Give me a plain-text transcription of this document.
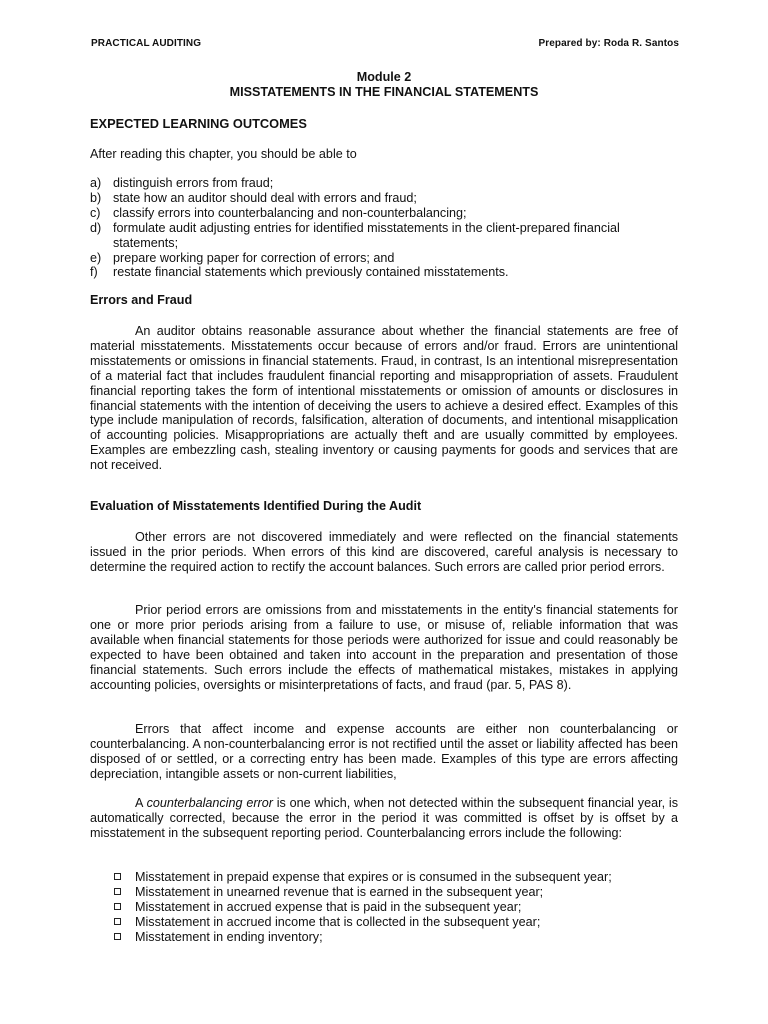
PRACTICAL AUDITING	Prepared by: Roda R. Santos
Module 2
MISSTATEMENTS IN THE FINANCIAL STATEMENTS
EXPECTED LEARNING OUTCOMES
After reading this chapter, you should be able to
a) distinguish errors from fraud;
b) state how an auditor should deal with errors and fraud;
c) classify errors into counterbalancing and non-counterbalancing;
d) formulate audit adjusting entries for identified misstatements in the client-prepared financial statements;
e) prepare working paper for correction of errors; and
f) restate financial statements which previously contained misstatements.
Errors and Fraud
An auditor obtains reasonable assurance about whether the financial statements are free of material misstatements. Misstatements occur because of errors and/or fraud. Errors are unintentional misstatements or omissions in financial statements. Fraud, in contrast, Is an intentional misrepresentation of a material fact that includes fraudulent financial reporting and misappropriation of assets. Fraudulent financial reporting takes the form of intentional misstatements or omission of amounts or disclosures in financial statements with the intention of deceiving the users to achieve a desired effect. Examples of this type include manipulation of records, falsification, alteration of documents, and intentional misapplication of accounting policies. Misappropriations are actually theft and are usually committed by employees. Examples are embezzling cash, stealing inventory or causing payments for goods and services that are not received.
Evaluation of Misstatements Identified During the Audit
Other errors are not discovered immediately and were reflected on the financial statements issued in the prior periods. When errors of this kind are discovered, careful analysis is necessary to determine the required action to rectify the account balances. Such errors are called prior period errors.
Prior period errors are omissions from and misstatements in the entity's financial statements for one or more prior periods arising from a failure to use, or misuse of, reliable information that was available when financial statements for those periods were authorized for issue and could reasonably be expected to have been obtained and taken into account in the preparation and presentation of those financial statements. Such errors include the effects of mathematical mistakes, mistakes in applying accounting policies, oversights or misinterpretations of facts, and fraud (par. 5, PAS 8).
Errors that affect income and expense accounts are either non counterbalancing or counterbalancing. A non-counterbalancing error is not rectified until the asset or liability affected has been disposed of or settled, or a correcting entry has been made. Examples of this type are errors affecting depreciation, intangible assets or non-current liabilities,
A counterbalancing error is one which, when not detected within the subsequent financial year, is automatically corrected, because the error in the period it was committed is offset by is offset by a misstatement in the subsequent reporting period. Counterbalancing errors include the following:
Misstatement in prepaid expense that expires or is consumed in the subsequent year;
Misstatement in unearned revenue that is earned in the subsequent year;
Misstatement in accrued expense that is paid in the subsequent year;
Misstatement in accrued income that is collected in the subsequent year;
Misstatement in ending inventory;
